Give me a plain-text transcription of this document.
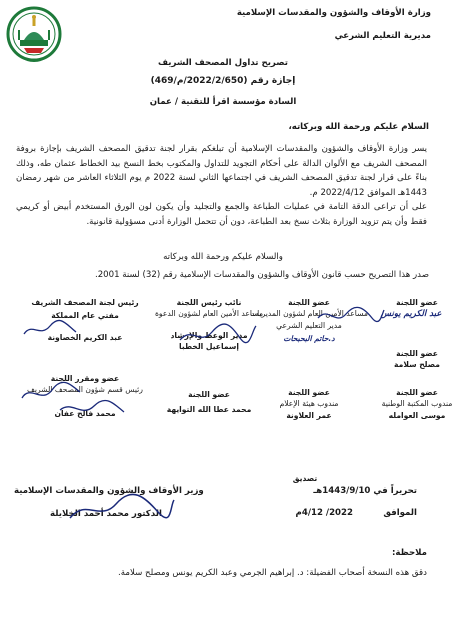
وزارة الأوقاف والشؤون والمقدسات الإسلامية
مديرية التعليم الشرعي
تصريح تداول المصحف الشريف
إجازة رقم (2022/2/650/م/469)
السادة مؤسسة اقرأ للتقنية / عمان
السلام عليكم ورحمة الله وبركاته،
يسر وزارة الأوقاف والشؤون والمقدسات الإسلامية أن تبلغكم بقرار لجنة تدقيق المصحف الشريف بإجازة بروفة المصحف الشريف مع الألوان الدالة على أحكام التجويد للتداول والمكتوب بخط النسخ بيد الخطاط عثمان طه، وذلك بناءً على قرار لجنة تدقيق المصحف الشريف في اجتماعها الثاني لسنة 2022 م يوم الثلاثاء العاشر من شهر رمضان 1443هـ الموافق 2022/4/12 م.
على أن تراعى الدقة التامة في عمليات الطباعة والجمع والتجليد وأن يكون لون الورق المستخدم أبيض أو كريمي فقط وأن يتم تزويد الوزارة بثلاث نسخ بعد الطباعة، دون أن تتحمل الوزارة أدنى مسؤولية قانونية.
والسلام عليكم ورحمة الله وبركاته
صدر هذا التصريح حسب قانون الأوقاف والشؤون والمقدسات الإسلامية رقم (32) لسنة 2001.
عضو اللجنة
عبد الكريم يونس
عضو اللجنة
مساعد الأمين العام لشؤون المديريات
مدير التعليم الشرعي
د.حاتم البحبحات
نائب رئيس اللجنة
مساعد الأمين العام لشؤون الدعوة
مدير الوعظ والإرشاد
إسماعيل الخطبا
رئيس لجنة المصحف الشريف
مفتي عام المملكة
عبد الكريم الخصاونة
عضو اللجنة
مصلح سلامة
عضو اللجنة
مندوب المكتبة الوطنية
موسى العوامله
عضو اللجنة
مندوب هيئة الإعلام
عمر العلاونة
عضو اللجنة
محمد عطا الله التوايهة
عضو ومقرر اللجنة
رئيس قسم شؤون المصحف الشريف
محمد فالح عفان
تصديق
وزير الأوقاف والشؤون والمقدسات الإسلامية
الدكتور محمد أحمد الخلايلة
تحريراً في 1443/9/10هـ
الموافق
2022/ 4/12م
ملاحظة:
دقق هذه النسخة أصحاب الفضيلة: د. إبراهيم الجرمي وعبد الكريم يونس ومصلح سلامة.
